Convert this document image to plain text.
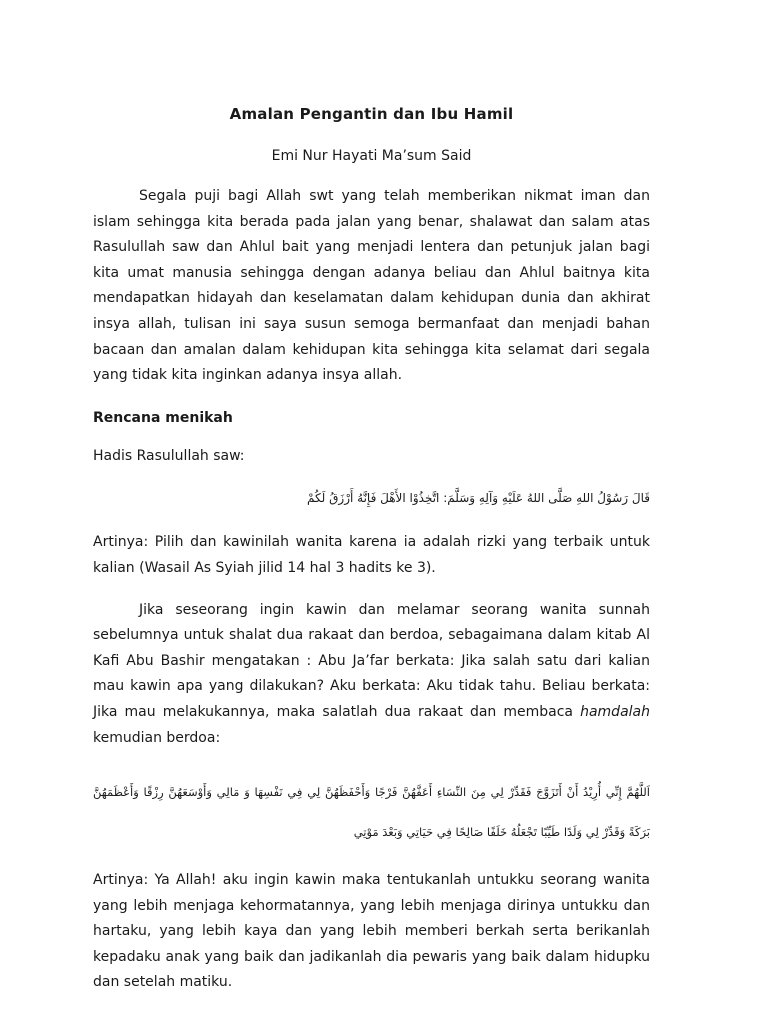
Amalan Pengantin dan Ibu Hamil
Emi Nur Hayati Ma’sum Said

Segala puji bagi Allah swt yang telah memberikan nikmat iman dan islam sehingga kita berada pada jalan yang benar, shalawat dan salam atas Rasulullah saw dan Ahlul bait yang menjadi lentera dan petunjuk jalan bagi kita umat manusia sehingga dengan adanya beliau dan Ahlul baitnya kita mendapatkan hidayah dan keselamatan dalam kehidupan dunia dan akhirat insya allah, tulisan ini saya susun semoga bermanfaat dan menjadi bahan bacaan dan amalan dalam kehidupan kita sehingga kita selamat dari segala yang tidak kita inginkan adanya insya allah.

Rencana menikah

Hadis Rasulullah saw:

قَالَ رَسُوْلُ اللهِ صَلَّى اللهُ عَلَيْهِ وَآلِهِ وَسَلَّمَ: اتَّخِذُوْا الأَهْلَ فَإِنَّهُ أَرْزَقُ لَكُمْ

Artinya: Pilih dan kawinilah wanita karena ia adalah rizki yang terbaik untuk kalian (Wasail As Syiah jilid 14 hal 3 hadits ke 3).

Jika seseorang ingin kawin dan melamar seorang wanita sunnah sebelumnya untuk shalat dua rakaat dan berdoa, sebagaimana dalam kitab Al Kafi Abu Bashir mengatakan : Abu Ja’far berkata: Jika salah satu dari kalian mau kawin apa yang dilakukan? Aku berkata: Aku tidak tahu. Beliau berkata: Jika mau melakukannya, maka salatlah dua rakaat dan membaca hamdalah kemudian berdoa:

اَللَّهُمَّ إِنِّي أُرِيْدُ أَنْ أَتَزَوَّجَ فَقَدِّرْ لِي مِنَ النِّسَاءِ أَعَفَّهُنَّ فَرْجًا وَأَحْفَظَهُنَّ لِي فِي نَفْسِهَا وَ مَالِي وَأَوْسَعَهُنَّ رِزْقًا وَأَعْظَمَهُنَّ بَرَكَةً وَقَدِّرْ لِي وَلَدًا طَيِّبًا تَجْعَلُهُ خَلَفًا صَالِحًا فِي حَيَاتِي وَبَعْدَ مَوْتِي

Artinya: Ya Allah! aku ingin kawin maka tentukanlah untukku seorang wanita yang lebih menjaga kehormatannya, yang lebih menjaga dirinya untukku dan hartaku, yang lebih kaya dan yang lebih memberi berkah serta berikanlah kepadaku anak yang baik dan jadikanlah dia pewaris yang baik dalam hidupku dan setelah matiku.
